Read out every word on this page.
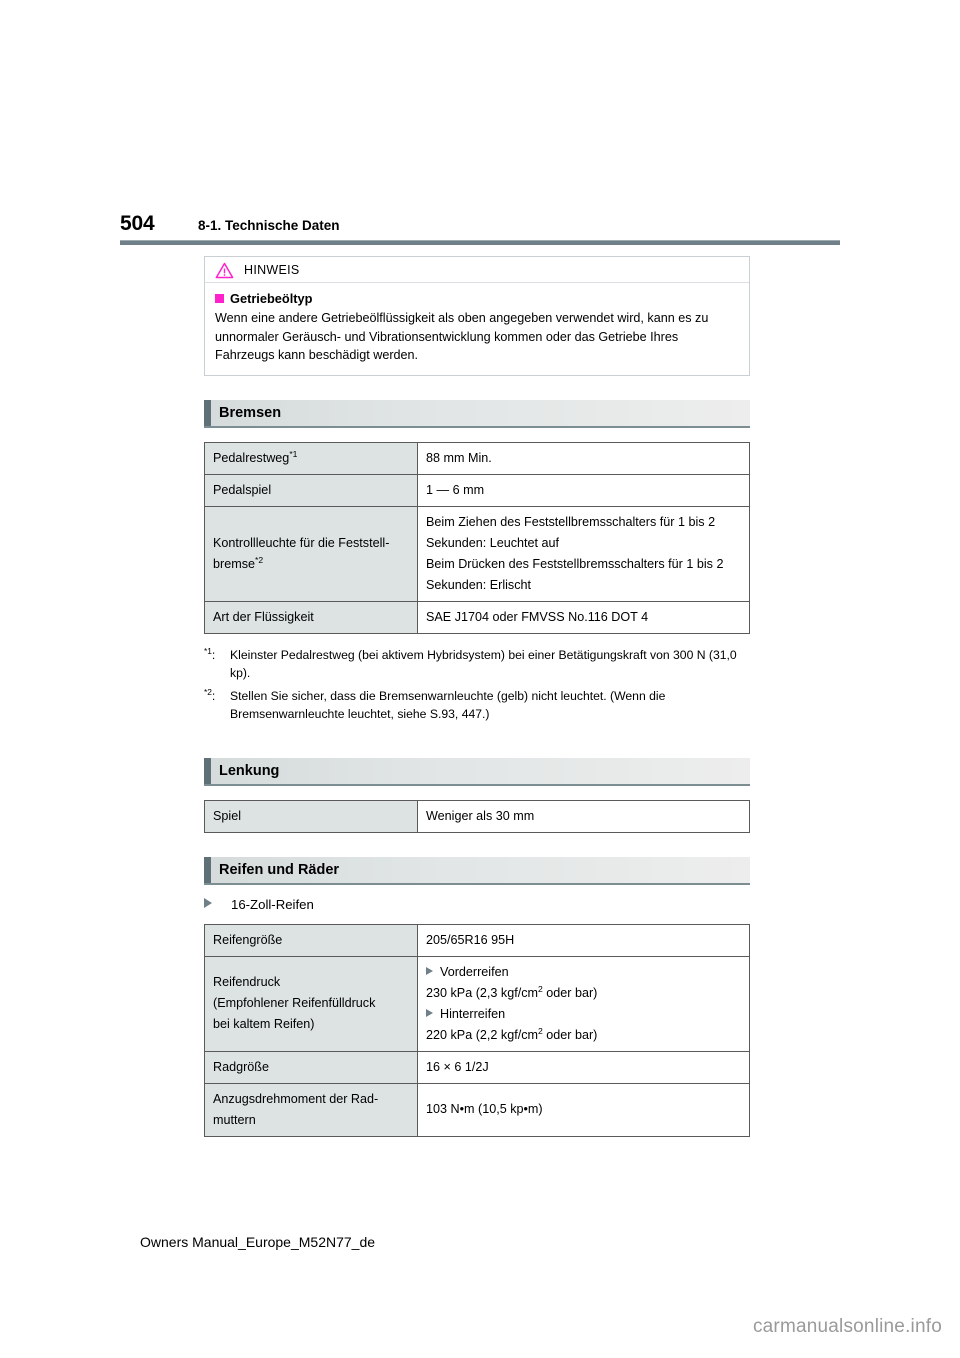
504	8-1. Technische Daten
HINWEIS
Getriebeöltyp
Wenn eine andere Getriebeölflüssigkeit als oben angegeben verwendet wird, kann es zu unnormaler Geräusch- und Vibrationsentwicklung kommen oder das Getriebe Ihres Fahrzeugs kann beschädigt werden.
Bremsen
Pedalrestweg$^{*1}$	88 mm Min.
Pedalspiel	1 — 6 mm

Kontrollleuchte für die Feststell-
bremse$^{*2}$	Beim Ziehen des Feststellbremsschalters für 1 bis 2
Sekunden: Leuchtet auf
Beim Drücken des Feststellbremsschalters für 1 bis 2
Sekunden: Erlischt

Art der Flüssigkeit	SAE J1704 oder FMVSS No.116 DOT 4
$^{*1}$:	Kleinster Pedalrestweg (bei aktivem Hybridsystem) bei einer Betätigungskraft von 300 N (31,0 kp).
$^{*2}$:	Stellen Sie sicher, dass die Bremsenwarnleuchte (gelb) nicht leuchtet. (Wenn die Bremsenwarnleuchte leuchtet, siehe S.93, 447.)
Lenkung
Spiel	Weniger als 30 mm
Reifen und Räder
16-Zoll-Reifen
Reifengröße	205/65R16 95H

Reifendruck
(Empfohlener Reifenfülldruck
bei kaltem Reifen)	Vorderreifen
230 kPa (2,3 kgf/$cm^2$ oder bar)
Hinterreifen
220 kPa (2,2 kgf/$cm^2$ oder bar)

Radgröße	16 × 6 1/2J

Anzugsdrehmoment der Rad-
muttern	103 N•m (10,5 kp•m)
Owners Manual_Europe_M52N77_de
carmanualsonline.info
